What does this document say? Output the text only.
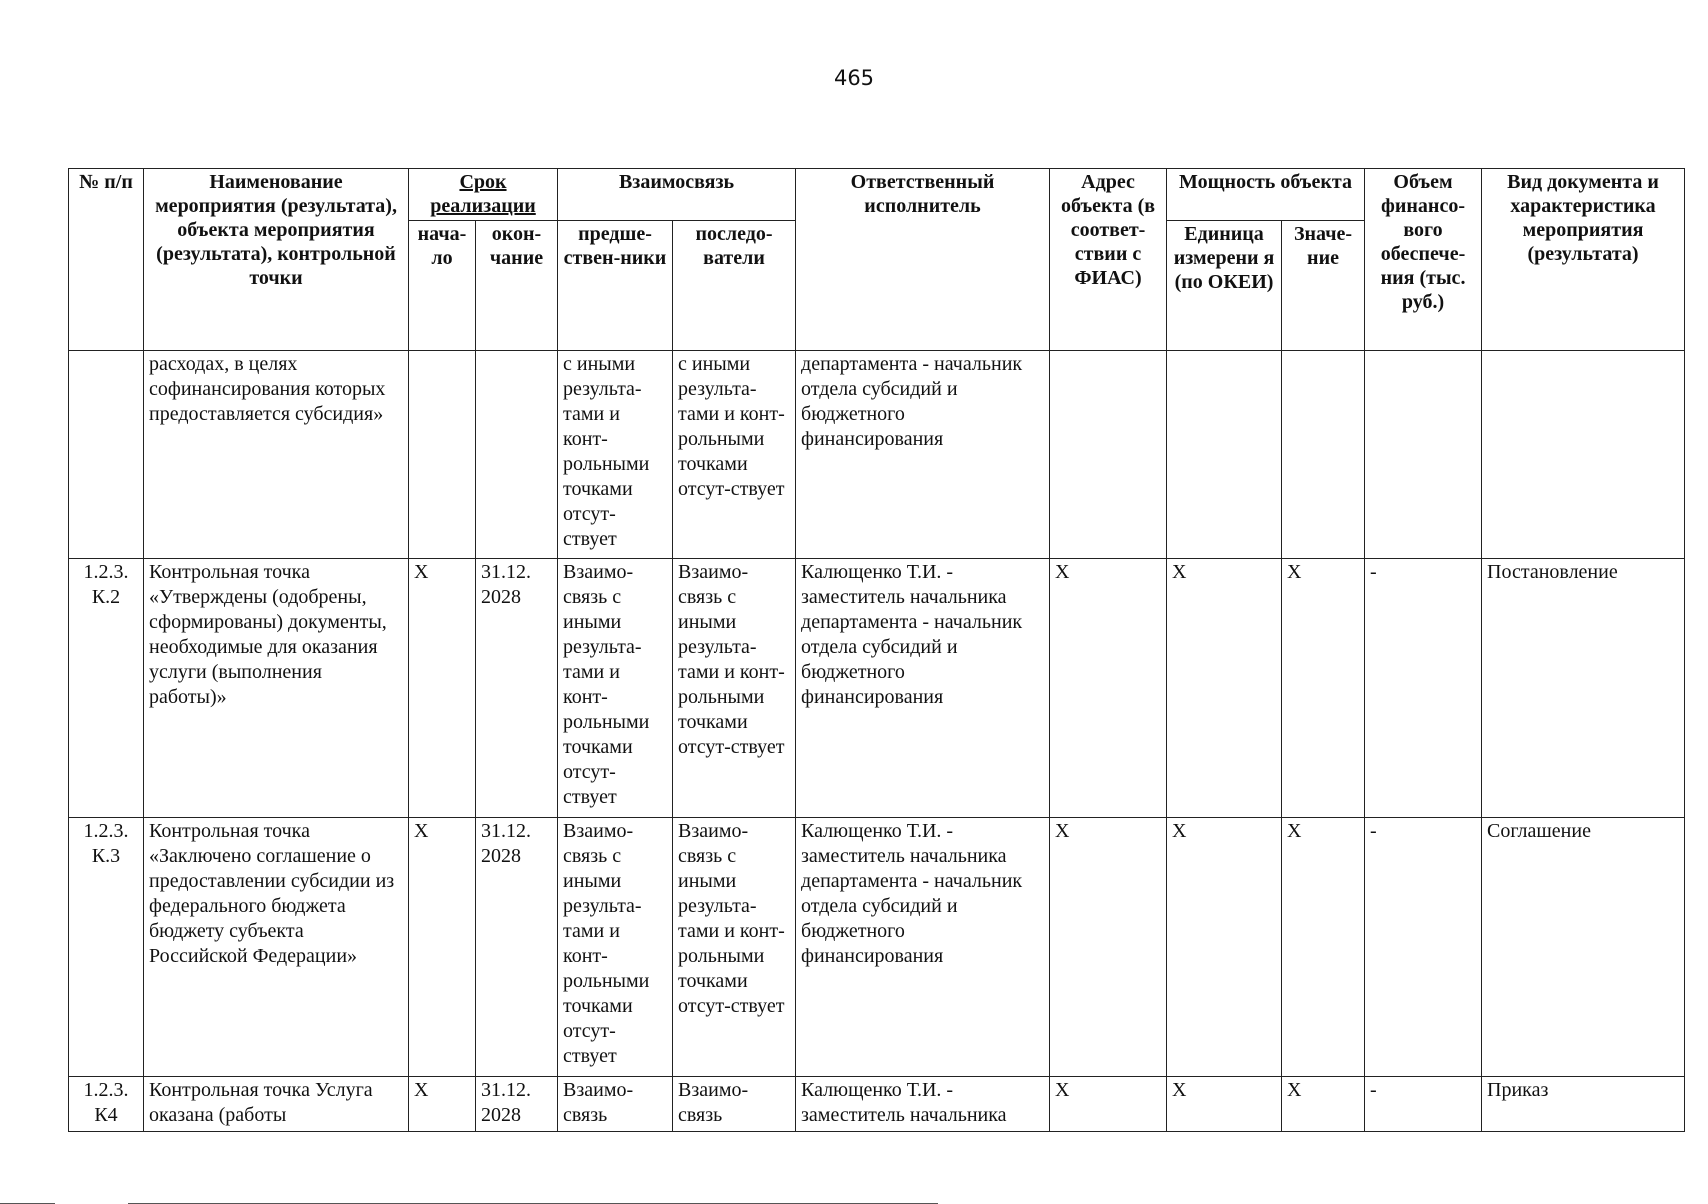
465
№ п/п	Наименование мероприятия (результата), объекта мероприятия (результата), контрольной точки	Срок реализации		Взаимосвязь		Ответственный исполнитель	Адрес объекта (в соответ-ствии с ФИАС)	Мощность объекта		Объем финансо-вого обеспече-ния (тыс. руб.)	Вид документа и характеристика мероприятия (результата)
		нача-ло	окон-чание	предше-ствен-ники	последо-ватели			Единица измерени я (по ОКЕИ)	Значе-ние		
	расходах, в целях софинансирования которых предоставляется субсидия»			с иными результа-тами и конт-рольными точками отсут-ствует	с иными результа-тами и конт-рольными точками отсут-ствует	департамента - начальник отдела субсидий и бюджетного финансирования					
1.2.3. К.2	Контрольная точка «Утверждены (одобрены, сформированы) документы, необходимые для оказания услуги (выполнения работы)»	X	31.12. 2028	Взаимо-связь с иными результа-тами и конт-рольными точками отсут-ствует	Взаимо-связь с иными результа-тами и конт-рольными точками отсут-ствует	Калющенко Т.И. - заместитель начальника департамента - начальник отдела субсидий и бюджетного финансирования	X	X	X	-	Постановление
1.2.3. К.3	Контрольная точка «Заключено соглашение о предоставлении субсидии из федерального бюджета бюджету субъекта Российской Федерации»	X	31.12. 2028	Взаимо-связь с иными результа-тами и конт-рольными точками отсут-ствует	Взаимо-связь с иными результа-тами и конт-рольными точками отсут-ствует	Калющенко Т.И. - заместитель начальника департамента - начальник отдела субсидий и бюджетного финансирования	X	X	X	-	Соглашение
1.2.3. К4	Контрольная точка Услуга оказана (работы	X	31.12. 2028	Взаимо-связь	Взаимо-связь	Калющенко Т.И. - заместитель начальника	X	X	X	-	Приказ
